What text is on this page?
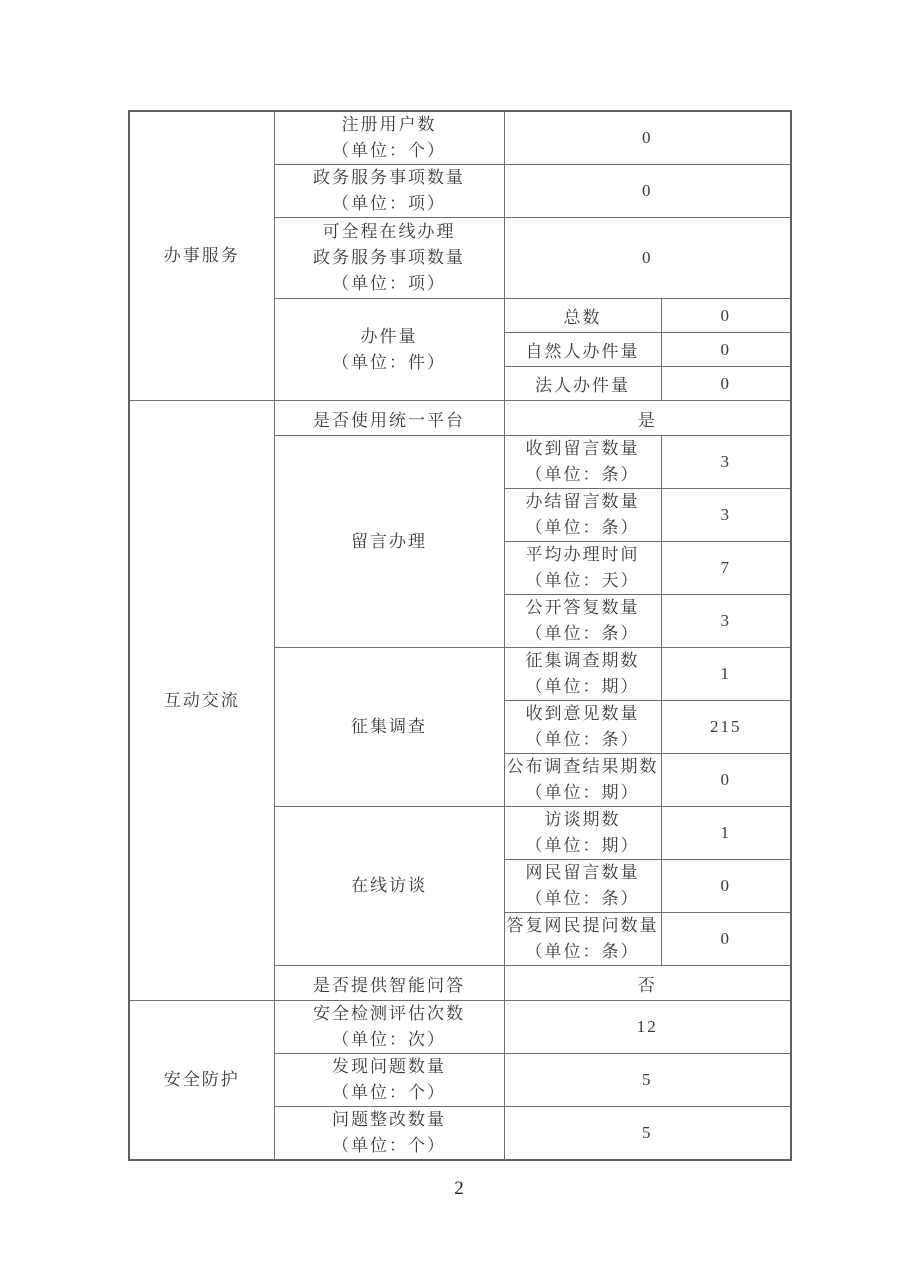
办事服务	注册用户数
（单位：个）	0	

	政务服务事项数量
（单位：项）	0	

	可全程在线办理
政务服务事项数量
（单位：项）	0	

	办件量
（单位：件）	总数	0
		自然人办件量	0
		法人办件量	0

互动交流	是否使用统一平台	是	

	留言办理	收到留言数量
（单位：条）	3

		办结留言数量
（单位：条）	3

		平均办理时间
（单位：天）	7

		公开答复数量
（单位：条）	3

	征集调查	征集调查期数
（单位：期）	1

		收到意见数量
（单位：条）	215

		公布调查结果期数
（单位：期）	0

	在线访谈	访谈期数
（单位：期）	1

		网民留言数量
（单位：条）	0

		答复网民提问数量
（单位：条）	0
	是否提供智能问答	否	

安全防护	安全检测评估次数
（单位：次）	12	

	发现问题数量
（单位：个）	5	

	问题整改数量
（单位：个）	5	
2
